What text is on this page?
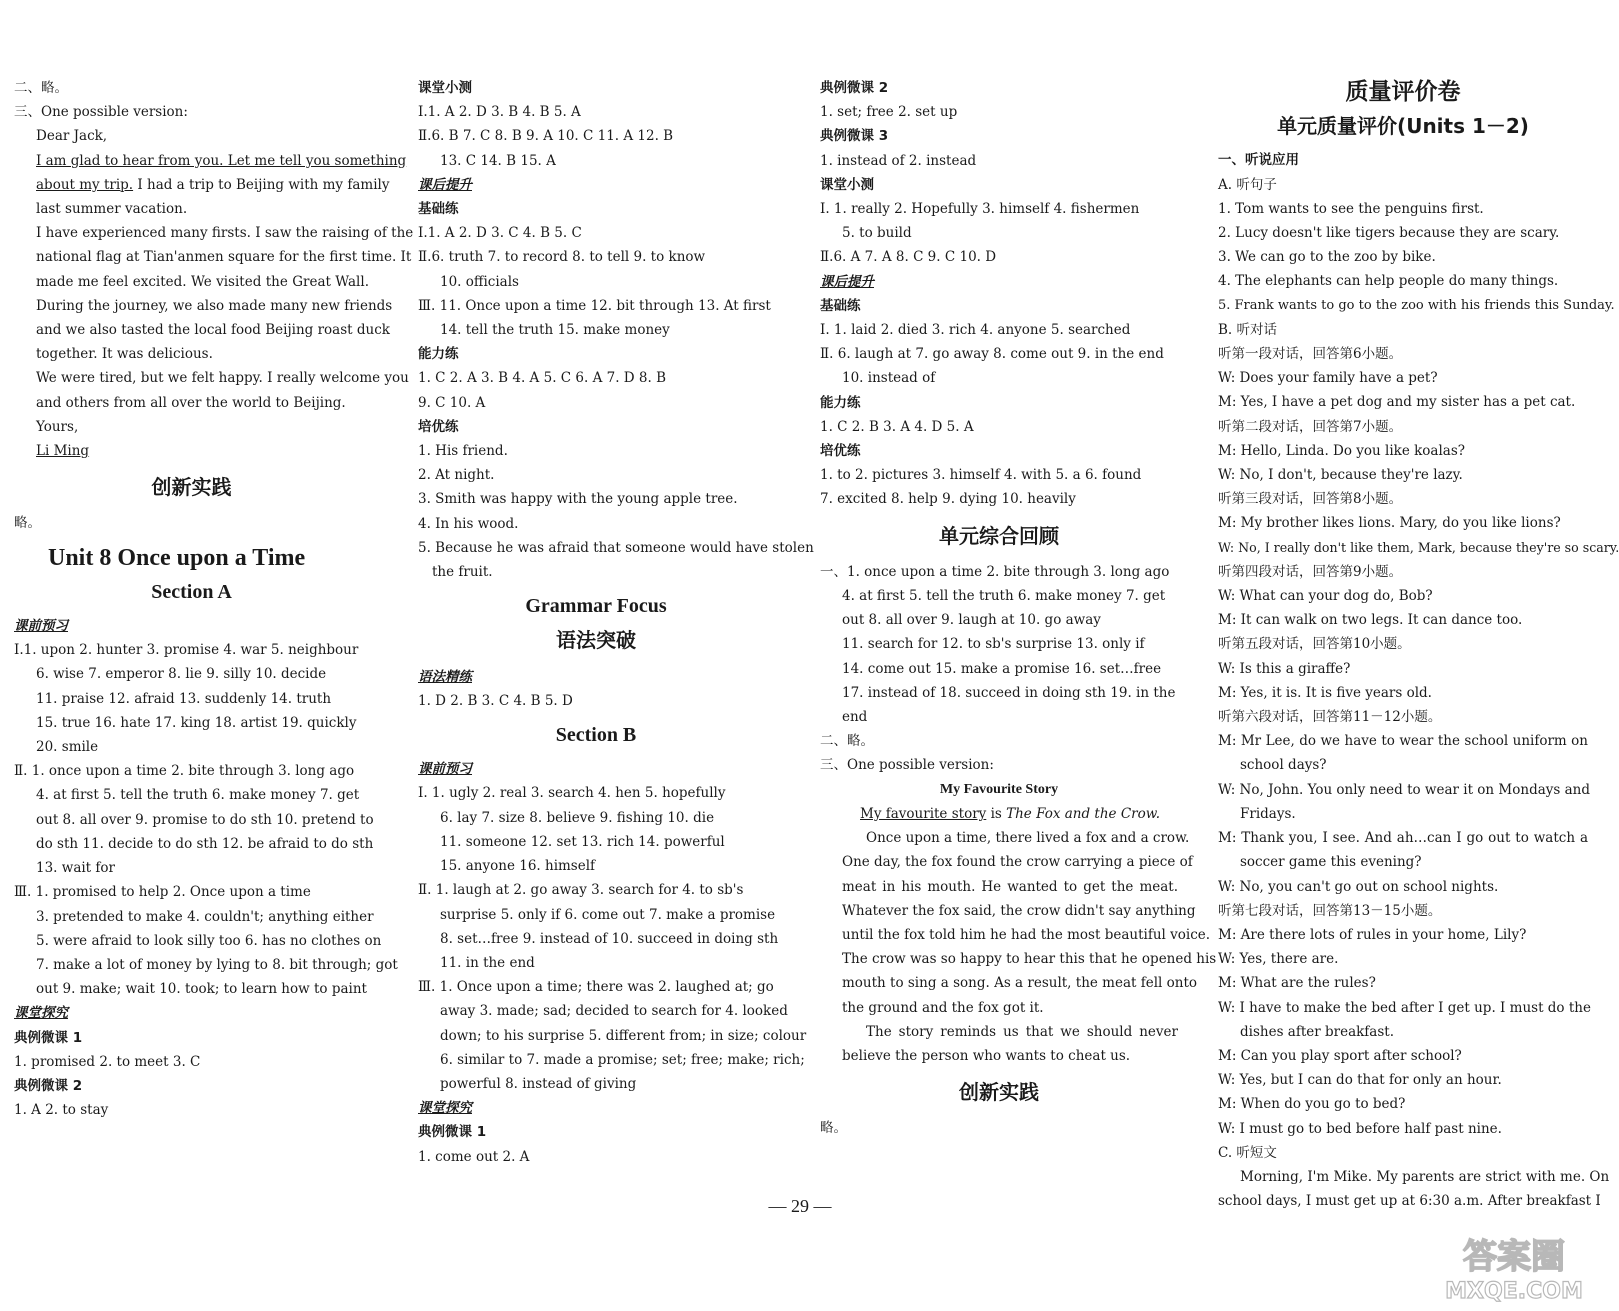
二、略。
三、One possible version:
Dear Jack,
I am glad to hear from you. Let me tell you something
about my trip. I had a trip to Beijing with my family
last summer vacation.
I have experienced many firsts. I saw the raising of the
national flag at Tian'anmen square for the first time. It
made me feel excited. We visited the Great Wall.
During the journey, we also made many new friends
and we also tasted the local food Beijing roast duck
together. It was delicious.
We were tired, but we felt happy. I really welcome you
and others from all over the world to Beijing.
Yours,
Li Ming
创新实践
略。
Unit 8 Once upon a Time
Section A
课前预习
Ⅰ.1. upon 2. hunter 3. promise 4. war 5. neighbour
6. wise 7. emperor 8. lie 9. silly 10. decide
11. praise 12. afraid 13. suddenly 14. truth
15. true 16. hate 17. king 18. artist 19. quickly
20. smile
Ⅱ. 1. once upon a time 2. bite through 3. long ago
4. at first 5. tell the truth 6. make money 7. get
out 8. all over 9. promise to do sth 10. pretend to
do sth 11. decide to do sth 12. be afraid to do sth
13. wait for
Ⅲ. 1. promised to help 2. Once upon a time
3. pretended to make 4. couldn't; anything either
5. were afraid to look silly too 6. has no clothes on
7. make a lot of money by lying to 8. bit through; got
out 9. make; wait 10. took; to learn how to paint
课堂探究
典例微课 1
1. promised 2. to meet 3. C
典例微课 2
1. A 2. to stay
课堂小测
Ⅰ.1. A 2. D 3. B 4. B 5. A
Ⅱ.6. B 7. C 8. B 9. A 10. C 11. A 12. B
13. C 14. B 15. A
课后提升
基础练
Ⅰ.1. A 2. D 3. C 4. B 5. C
Ⅱ.6. truth 7. to record 8. to tell 9. to know
10. officials
Ⅲ. 11. Once upon a time 12. bit through 13. At first
14. tell the truth 15. make money
能力练
1. C 2. A 3. B 4. A 5. C 6. A 7. D 8. B
9. C 10. A
培优练
1. His friend.
2. At night.
3. Smith was happy with the young apple tree.
4. In his wood.
5. Because he was afraid that someone would have stolen
the fruit.
Grammar Focus
语法突破
语法精练
1. D 2. B 3. C 4. B 5. D
Section B
课前预习
Ⅰ. 1. ugly 2. real 3. search 4. hen 5. hopefully
6. lay 7. size 8. believe 9. fishing 10. die
11. someone 12. set 13. rich 14. powerful
15. anyone 16. himself
Ⅱ. 1. laugh at 2. go away 3. search for 4. to sb's
surprise 5. only if 6. come out 7. make a promise
8. set…free 9. instead of 10. succeed in doing sth
11. in the end
Ⅲ. 1. Once upon a time; there was 2. laughed at; go
away 3. made; sad; decided to search for 4. looked
down; to his surprise 5. different from; in size; colour
6. similar to 7. made a promise; set; free; make; rich;
powerful 8. instead of giving
课堂探究
典例微课 1
1. come out 2. A
典例微课 2
1. set; free 2. set up
典例微课 3
1. instead of 2. instead
课堂小测
Ⅰ. 1. really 2. Hopefully 3. himself 4. fishermen
5. to build
Ⅱ.6. A 7. A 8. C 9. C 10. D
课后提升
基础练
Ⅰ. 1. laid 2. died 3. rich 4. anyone 5. searched
Ⅱ. 6. laugh at 7. go away 8. come out 9. in the end
10. instead of
能力练
1. C 2. B 3. A 4. D 5. A
培优练
1. to 2. pictures 3. himself 4. with 5. a 6. found
7. excited 8. help 9. dying 10. heavily
单元综合回顾
一、1. once upon a time 2. bite through 3. long ago
4. at first 5. tell the truth 6. make money 7. get
out 8. all over 9. laugh at 10. go away
11. search for 12. to sb's surprise 13. only if
14. come out 15. make a promise 16. set…free
17. instead of 18. succeed in doing sth 19. in the
end
二、略。
三、One possible version:
My Favourite Story
My favourite story is The Fox and the Crow.
Once upon a time, there lived a fox and a crow.
One day, the fox found the crow carrying a piece of
meat in his mouth. He wanted to get the meat.
Whatever the fox said, the crow didn't say anything
until the fox told him he had the most beautiful voice.
The crow was so happy to hear this that he opened his
mouth to sing a song. As a result, the meat fell onto
the ground and the fox got it.
The story reminds us that we should never
believe the person who wants to cheat us.
创新实践
略。
质量评价卷
单元质量评价(Units 1－2)
一、听说应用
A. 听句子
1. Tom wants to see the penguins first.
2. Lucy doesn't like tigers because they are scary.
3. We can go to the zoo by bike.
4. The elephants can help people do many things.
5. Frank wants to go to the zoo with his friends this Sunday.
B. 听对话
听第一段对话，回答第6小题。
W: Does your family have a pet?
M: Yes, I have a pet dog and my sister has a pet cat.
听第二段对话，回答第7小题。
M: Hello, Linda. Do you like koalas?
W: No, I don't, because they're lazy.
听第三段对话，回答第8小题。
M: My brother likes lions. Mary, do you like lions?
W: No, I really don't like them, Mark, because they're so scary.
听第四段对话，回答第9小题。
W: What can your dog do, Bob?
M: It can walk on two legs. It can dance too.
听第五段对话，回答第10小题。
W: Is this a giraffe?
M: Yes, it is. It is five years old.
听第六段对话，回答第11－12小题。
M: Mr Lee, do we have to wear the school uniform on
school days?
W: No, John. You only need to wear it on Mondays and
Fridays.
M: Thank you, I see. And ah…can I go out to watch a
soccer game this evening?
W: No, you can't go out on school nights.
听第七段对话，回答第13－15小题。
M: Are there lots of rules in your home, Lily?
W: Yes, there are.
M: What are the rules?
W: I have to make the bed after I get up. I must do the
dishes after breakfast.
M: Can you play sport after school?
W: Yes, but I can do that for only an hour.
M: When do you go to bed?
W: I must go to bed before half past nine.
C. 听短文
Morning, I'm Mike. My parents are strict with me. On
school days, I must get up at 6:30 a.m. After breakfast I
— 29 —
答案圈
MXQE.COM
